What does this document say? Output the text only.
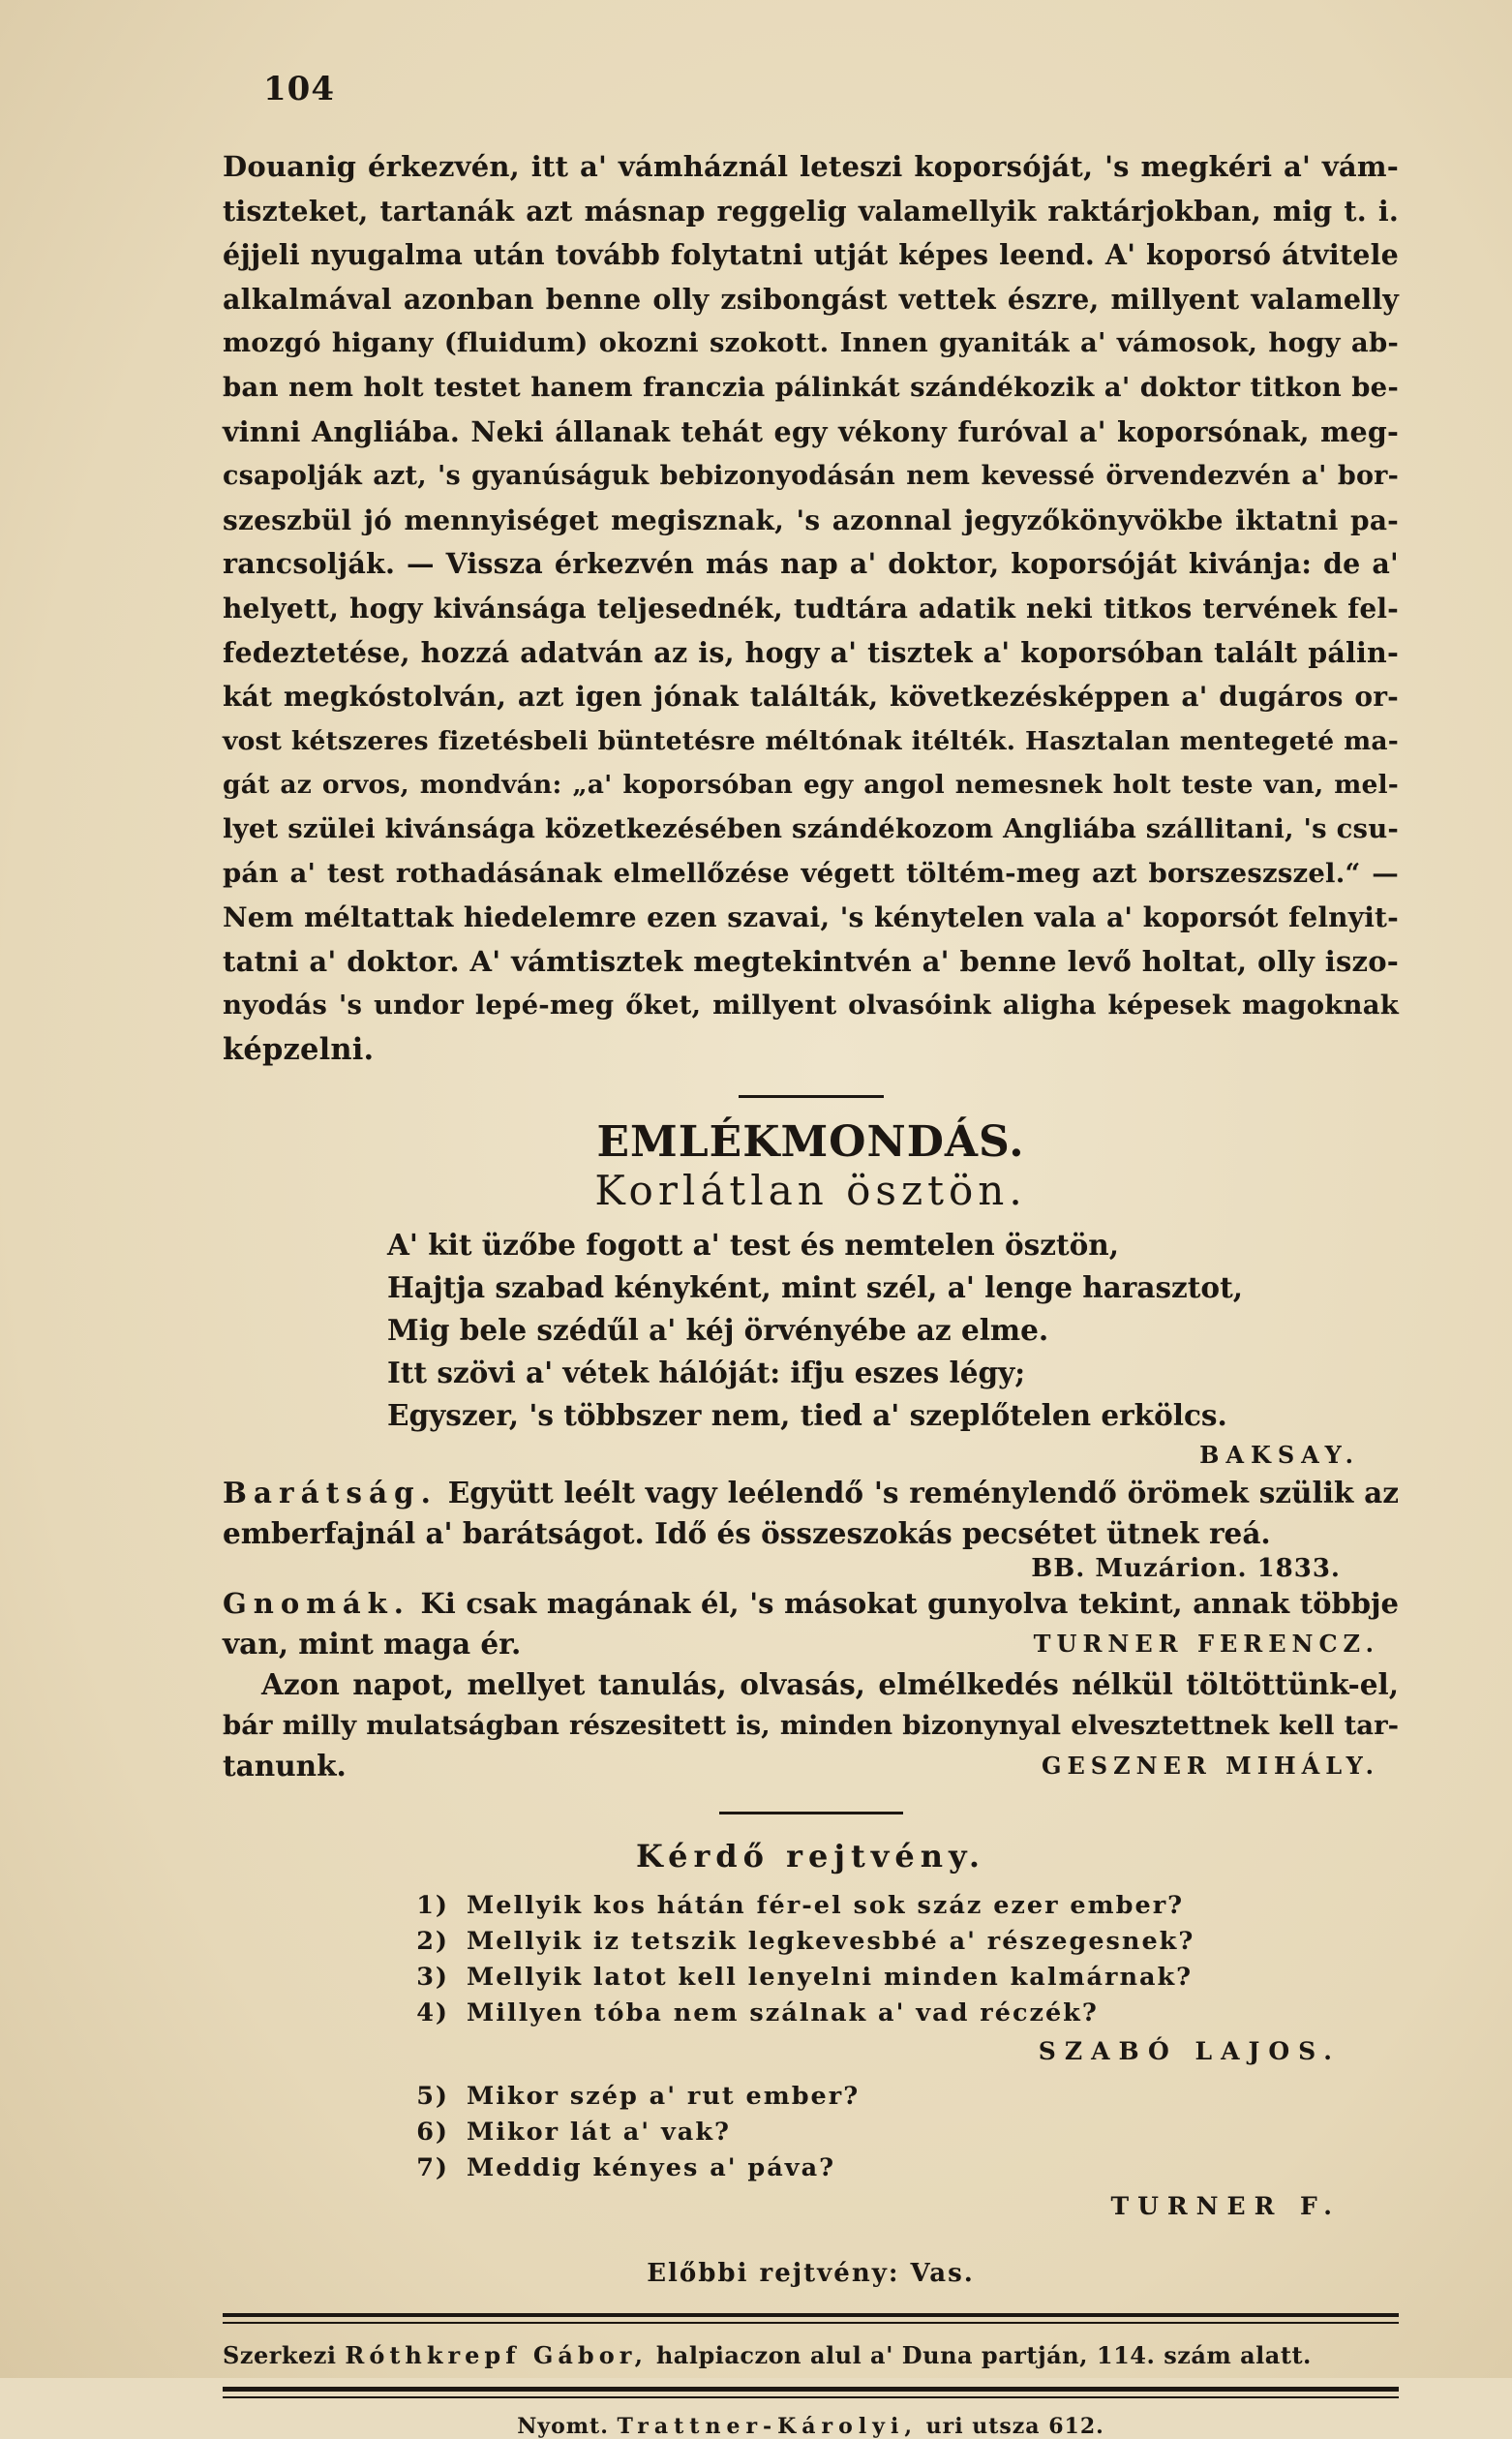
104

Douanig érkezvén, itt a' vámháznál leteszi koporsóját, 's megkéri a' vám-

tiszteket, tartanák azt másnap reggelig valamellyik raktárjokban, mig t. i.

éjjeli nyugalma után tovább folytatni utját képes leend. A' koporsó átvitele

alkalmával azonban benne olly zsibongást vettek észre, millyent valamelly

mozgó higany (fluidum) okozni szokott. Innen gyaniták a' vámosok, hogy ab-

ban nem holt testet hanem franczia pálinkát szándékozik a' doktor titkon be-

vinni Angliába. Neki állanak tehát egy vékony furóval a' koporsónak, meg-

csapolják azt, 's gyanúságuk bebizonyodásán nem kevessé örvendezvén a' bor-

szeszbül jó mennyiséget megisznak, 's azonnal jegyzőkönyvökbe iktatni pa-

rancsolják. — Vissza érkezvén más nap a' doktor, koporsóját kivánja: de a'

helyett, hogy kivánsága teljesednék, tudtára adatik neki titkos tervének fel-

fedeztetése, hozzá adatván az is, hogy a' tisztek a' koporsóban talált pálin-

kát megkóstolván, azt igen jónak találták, következésképpen a' dugáros or-

vost kétszeres fizetésbeli büntetésre méltónak itélték. Hasztalan mentegeté ma-

gát az orvos, mondván: „a' koporsóban egy angol nemesnek holt teste van, mel-

lyet szülei kivánsága közetkezésében szándékozom Angliába szállitani, 's csu-

pán a' test rothadásának elmellőzése végett töltém-meg azt borszeszszel.“ —

Nem méltattak hiedelemre ezen szavai, 's kénytelen vala a' koporsót felnyit-

tatni a' doktor. A' vámtisztek megtekintvén a' benne levő holtat, olly iszo-

nyodás 's undor lepé-meg őket, millyent olvasóink aligha képesek magoknak

képzelni.

EMLÉKMONDÁS.
Korlátlan ösztön.

A' kit üzőbe fogott a' test és nemtelen ösztön,

Hajtja szabad kényként, mint szél, a' lenge harasztot,

Mig bele szédűl a' kéj örvényébe az elme.

Itt szövi a' vétek hálóját: ifju eszes légy;

Egyszer, 's többszer nem, tied a' szeplőtelen erkölcs.

BAKSAY.

Barátság. Együtt leélt vagy leélendő 's reménylendő örömek szülik az

emberfajnál a' barátságot. Idő és összeszokás pecsétet ütnek reá.

BB. Muzárion. 1833.

Gnomák. Ki csak magának él, 's másokat gunyolva tekint, annak többje

van, mint maga ér.	TURNER FERENCZ.

Azon napot, mellyet tanulás, olvasás, elmélkedés nélkül töltöttünk-el,

bár milly mulatságban részesitett is, minden bizonynyal elvesztettnek kell tar-

tanunk.	GESZNER MIHÁLY.

Kérdő rejtvény.
1) Mellyik kos hátán fér-el sok száz ezer ember?
2) Mellyik iz tetszik legkevesbbé a' részegesnek?
3) Mellyik latot kell lenyelni minden kalmárnak?
4) Millyen tóba nem szálnak a' vad réczék?
SZABÓ LAJOS.
5) Mikor szép a' rut ember?
6) Mikor lát a' vak?
7) Meddig kényes a' páva?
TURNER F.
Előbbi rejtvény: Vas.
Szerkezi Róthkrepf Gábor, halpiaczon alul a' Duna partján, 114. szám alatt.
Nyomt. Trattner-Károlyi, uri utsza 612.
